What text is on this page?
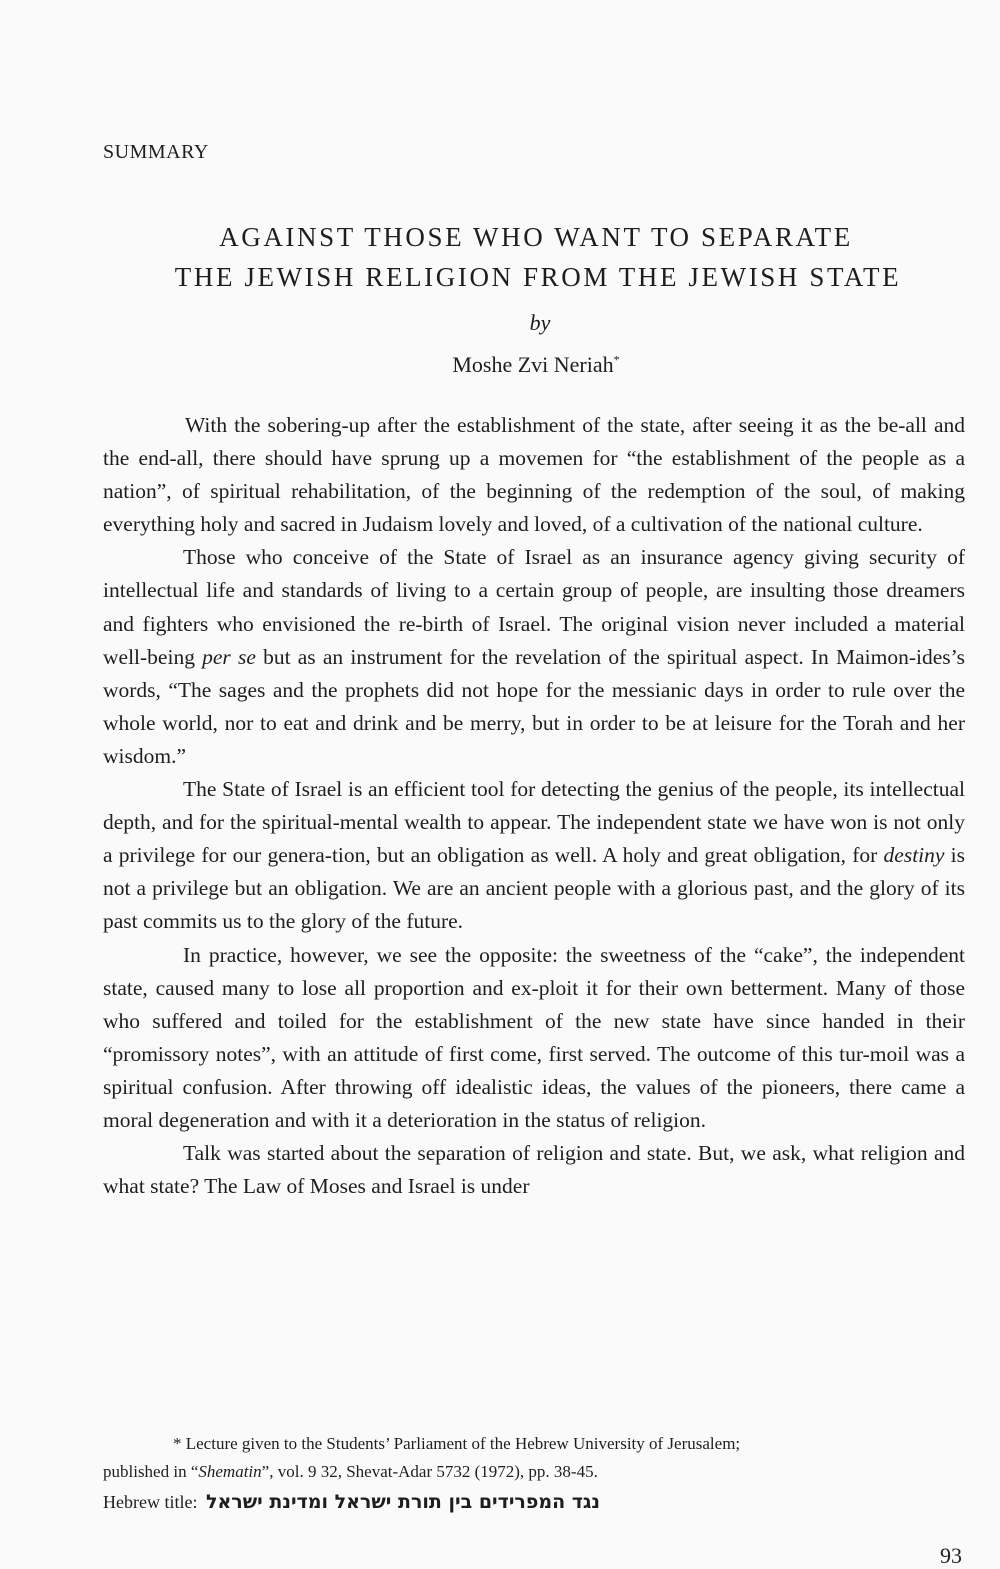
SUMMARY

AGAINST THOSE WHO WANT TO SEPARATE
THE JEWISH RELIGION FROM THE JEWISH STATE

by

Moshe Zvi Neriah*

With the sobering-up after the establishment of the state, after seeing it as the be-all and the end-all, there should have sprung up a movemen for “the establishment of the people as a nation”, of spiritual rehabilitation, of the beginning of the redemption of the soul, of making everything holy and sacred in Judaism lovely and loved, of a cultivation of the national culture.

Those who conceive of the State of Israel as an insurance agency giving security of intellectual life and standards of living to a certain group of people, are insulting those dreamers and fighters who envisioned the re-birth of Israel. The original vision never included a material well-being per se but as an instrument for the revelation of the spiritual aspect. In Maimon-ides’s words, “The sages and the prophets did not hope for the messianic days in order to rule over the whole world, nor to eat and drink and be merry, but in order to be at leisure for the Torah and her wisdom.”

The State of Israel is an efficient tool for detecting the genius of the people, its intellectual depth, and for the spiritual-mental wealth to appear. The independent state we have won is not only a privilege for our genera-tion, but an obligation as well. A holy and great obligation, for destiny is not a privilege but an obligation. We are an ancient people with a glorious past, and the glory of its past commits us to the glory of the future.

In practice, however, we see the opposite: the sweetness of the “cake”, the independent state, caused many to lose all proportion and ex-ploit it for their own betterment. Many of those who suffered and toiled for the establishment of the new state have since handed in their “promissory notes”, with an attitude of first come, first served. The outcome of this tur-moil was a spiritual confusion. After throwing off idealistic ideas, the values of the pioneers, there came a moral degeneration and with it a deterioration in the status of religion.

Talk was started about the separation of religion and state. But, we ask, what religion and what state? The Law of Moses and Israel is under

* Lecture given to the Students’ Parliament of the Hebrew University of Jerusalem;
published in “Shematin”, vol. 9 32, Shevat-Adar 5732 (1972), pp. 38-45.

Hebrew title: נגד המפרידים בין תורת ישראל ומדינת ישראל

93
